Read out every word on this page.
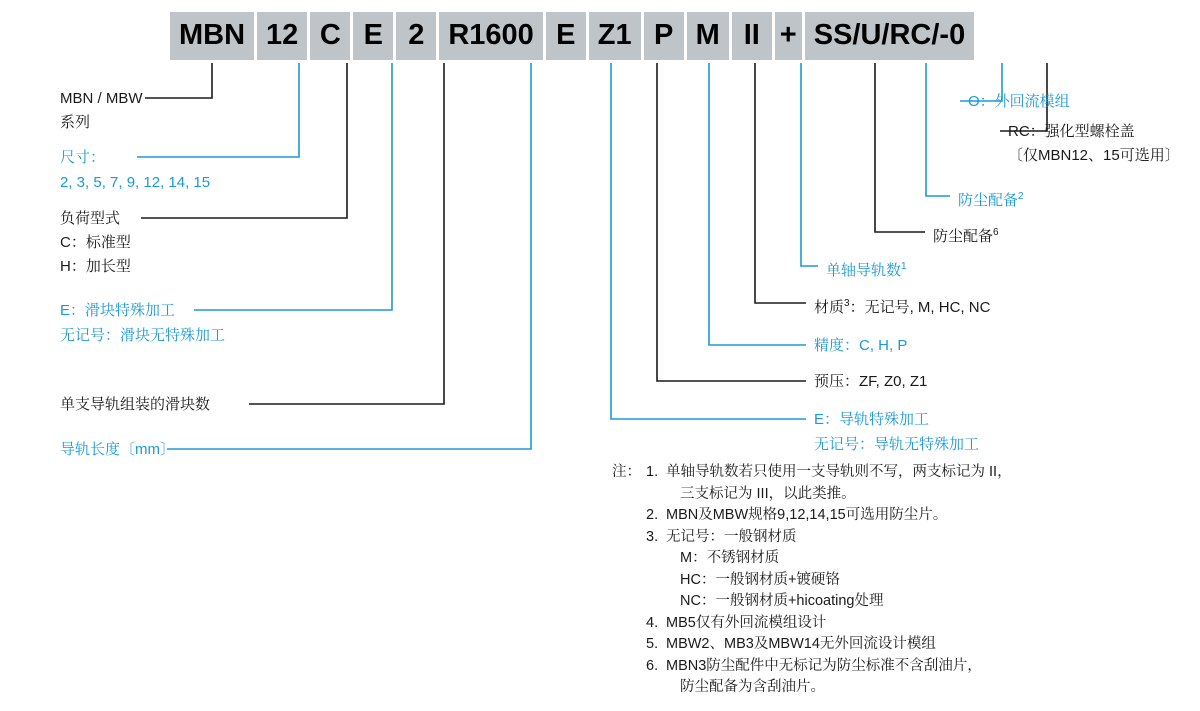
MBN 12 C E 2 R1600 E Z1 P M II + SS/U/RC/-0
MBN / MBW
系列
尺寸：
2, 3, 5, 7, 9, 12, 14, 15
负荷型式
C：标准型
H：加长型
E：滑块特殊加工
无记号：滑块无特殊加工
单支导轨组装的滑块数
导轨长度〔mm〕
O：外回流模组
RC：强化型螺栓盖
〔仅MBN12、15可选用〕
防尘配备$^2$
防尘配备$^6$
单轴导轨数$^1$
材质$^3$：无记号, M, HC, NC
精度：C, H, P
预压：ZF, Z0, Z1
E：导轨特殊加工
无记号：导轨无特殊加工
注： 1. 单轴导轨数若只使用一支导轨则不写，两支标记为 II，
三支标记为 III，以此类推。
2. MBN及MBW规格9,12,14,15可选用防尘片。
3. 无记号：一般钢材质
M：不锈钢材质
HC：一般钢材质+镀硬铬
NC：一般钢材质+hicoating处理
4. MB5仅有外回流模组设计
5. MBW2、MB3及MBW14无外回流设计模组
6. MBN3防尘配件中无标记为防尘标准不含刮油片，
防尘配备为含刮油片。
